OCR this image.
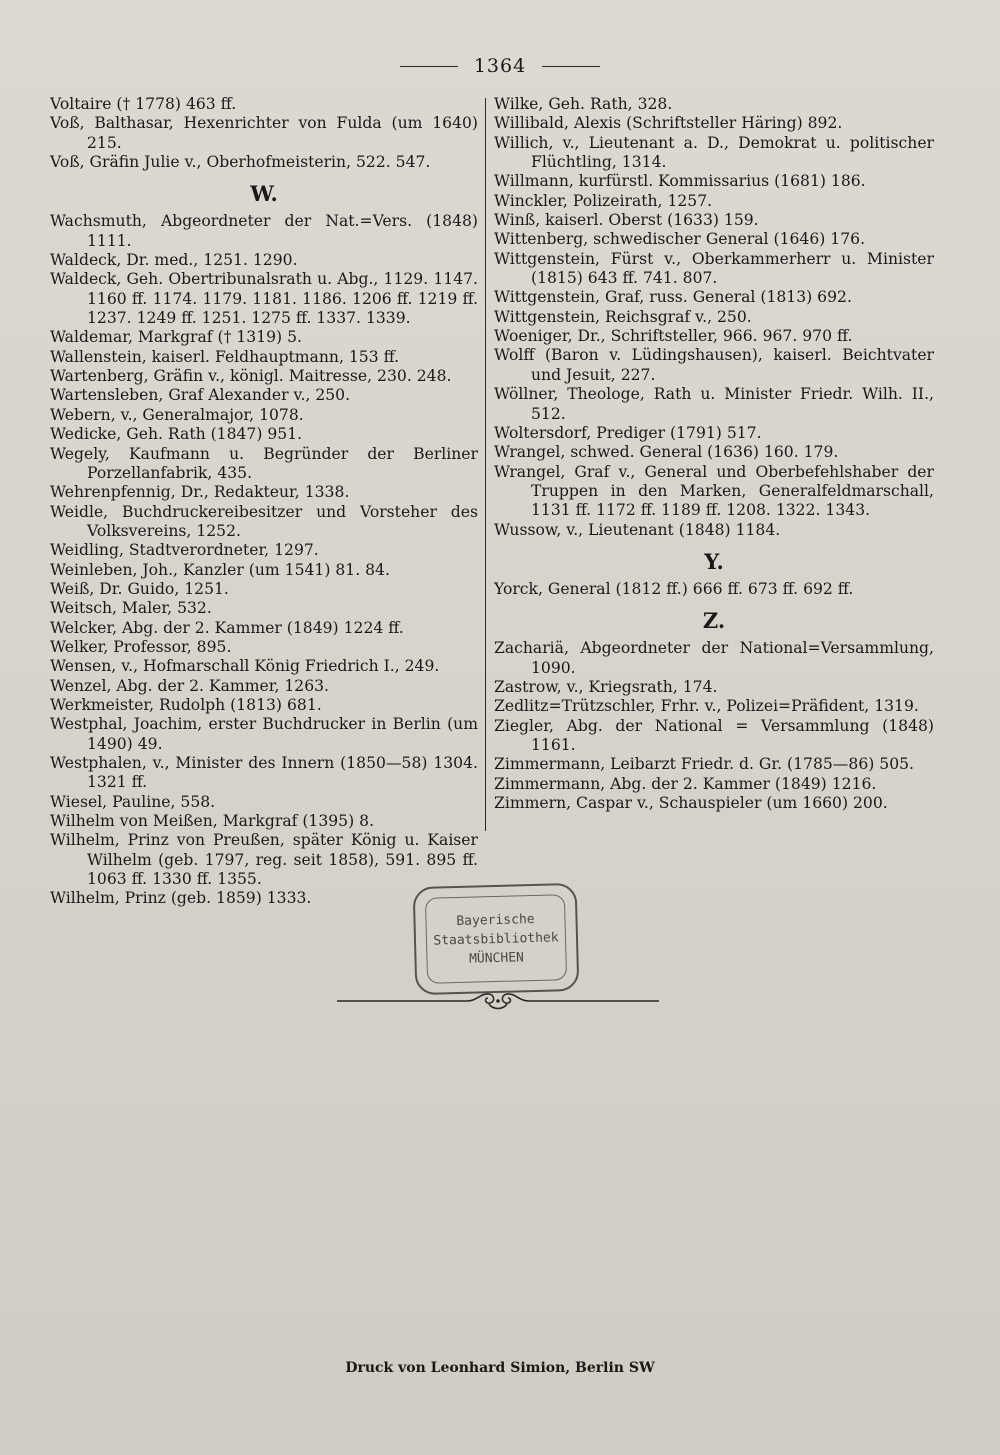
1364
Voltaire († 1778) 463 ff.
Voß, Balthasar, Hexenrichter von Fulda (um 1640) 215.
Voß, Gräfin Julie v., Oberhofmeisterin, 522. 547.
W.
Wachsmuth, Abgeordneter der Nat.=Vers. (1848) 1111.
Waldeck, Dr. med., 1251. 1290.
Waldeck, Geh. Obertribunalsrath u. Abg., 1129. 1147. 1160 ff. 1174. 1179. 1181. 1186. 1206 ff. 1219 ff. 1237. 1249 ff. 1251. 1275 ff. 1337. 1339.
Waldemar, Markgraf († 1319) 5.
Wallenstein, kaiserl. Feldhauptmann, 153 ff.
Wartenberg, Gräfin v., königl. Maitresse, 230. 248.
Wartensleben, Graf Alexander v., 250.
Webern, v., Generalmajor, 1078.
Wedicke, Geh. Rath (1847) 951.
Wegely, Kaufmann u. Begründer der Berliner Porzellanfabrik, 435.
Wehrenpfennig, Dr., Redakteur, 1338.
Weidle, Buchdruckereibesitzer und Vorsteher des Volksvereins, 1252.
Weidling, Stadtverordneter, 1297.
Weinleben, Joh., Kanzler (um 1541) 81. 84.
Weiß, Dr. Guido, 1251.
Weitsch, Maler, 532.
Welcker, Abg. der 2. Kammer (1849) 1224 ff.
Welker, Professor, 895.
Wensen, v., Hofmarschall König Friedrich I., 249.
Wenzel, Abg. der 2. Kammer, 1263.
Werkmeister, Rudolph (1813) 681.
Westphal, Joachim, erster Buchdrucker in Berlin (um 1490) 49.
Westphalen, v., Minister des Innern (1850—58) 1304. 1321 ff.
Wiesel, Pauline, 558.
Wilhelm von Meißen, Markgraf (1395) 8.
Wilhelm, Prinz von Preußen, später König u. Kaiser Wilhelm (geb. 1797, reg. seit 1858), 591. 895 ff. 1063 ff. 1330 ff. 1355.
Wilhelm, Prinz (geb. 1859) 1333.
Wilke, Geh. Rath, 328.
Willibald, Alexis (Schriftsteller Häring) 892.
Willich, v., Lieutenant a. D., Demokrat u. politischer Flüchtling, 1314.
Willmann, kurfürstl. Kommissarius (1681) 186.
Winckler, Polizeirath, 1257.
Winß, kaiserl. Oberst (1633) 159.
Wittenberg, schwedischer General (1646) 176.
Wittgenstein, Fürst v., Oberkammerherr u. Minister (1815) 643 ff. 741. 807.
Wittgenstein, Graf, russ. General (1813) 692.
Wittgenstein, Reichsgraf v., 250.
Woeniger, Dr., Schriftsteller, 966. 967. 970 ff.
Wolff (Baron v. Lüdingshausen), kaiserl. Beichtvater und Jesuit, 227.
Wöllner, Theologe, Rath u. Minister Friedr. Wilh. II., 512.
Woltersdorf, Prediger (1791) 517.
Wrangel, schwed. General (1636) 160. 179.
Wrangel, Graf v., General und Oberbefehlshaber der Truppen in den Marken, Generalfeldmarschall, 1131 ff. 1172 ff. 1189 ff. 1208. 1322. 1343.
Wussow, v., Lieutenant (1848) 1184.
Y.
Yorck, General (1812 ff.) 666 ff. 673 ff. 692 ff.
Z.
Zachariä, Abgeordneter der National=Versammlung, 1090.
Zastrow, v., Kriegsrath, 174.
Zedlitz=Trützschler, Frhr. v., Polizei=Präfident, 1319.
Ziegler, Abg. der National = Versammlung (1848) 1161.
Zimmermann, Leibarzt Friedr. d. Gr. (1785—86) 505.
Zimmermann, Abg. der 2. Kammer (1849) 1216.
Zimmern, Caspar v., Schauspieler (um 1660) 200.
Bayerische
Staatsbibliothek
MÜNCHEN
Druck von Leonhard Simion, Berlin SW
